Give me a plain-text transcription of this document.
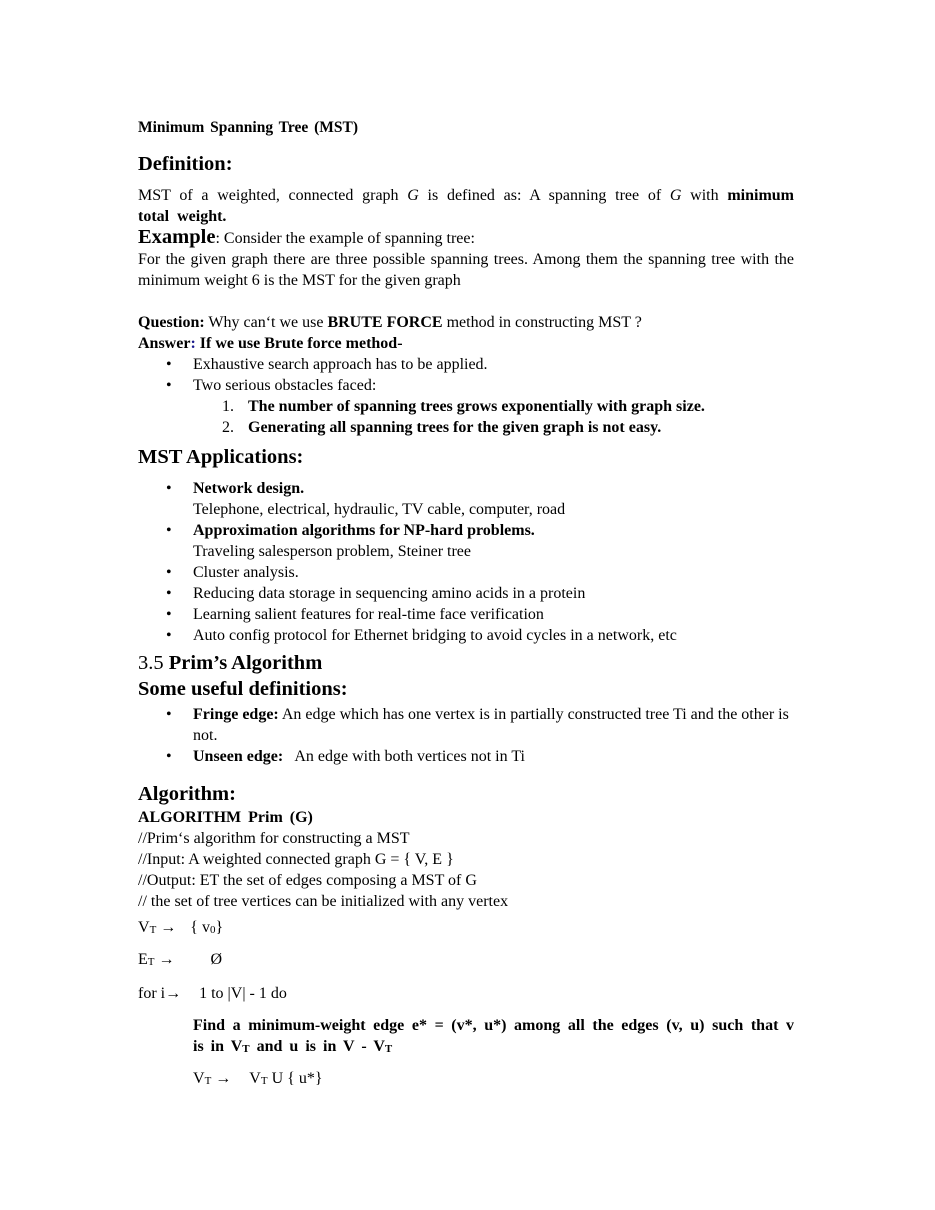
Minimum Spanning Tree (MST)
Definition:

MST of a weighted, connected graph G is defined as: A spanning tree of G with minimum total weight.

Example: Consider the example of spanning tree:

For the given graph there are three possible spanning trees. Among them the spanning tree with the minimum weight 6 is the MST for the given graph

Question: Why can‘t we use BRUTE FORCE method in constructing MST ?

Answer: If we use Brute force method-

• Exhaustive search approach has to be applied.
• Two serious obstacles faced:
1. The number of spanning trees grows exponentially with graph size.
2. Generating all spanning trees for the given graph is not easy.
MST Applications:
• Network design.
Telephone, electrical, hydraulic, TV cable, computer, road
• Approximation algorithms for NP-hard problems.
Traveling salesperson problem, Steiner tree
• Cluster analysis.
• Reducing data storage in sequencing amino acids in a protein
• Learning salient features for real-time face verification
• Auto config protocol for Ethernet bridging to avoid cycles in a network, etc
3.5 Prim’s Algorithm
Some useful definitions:
• Fringe edge: An edge which has one vertex is in partially constructed tree Ti and the other is not.
• Unseen edge:   An edge with both vertices not in Ti
Algorithm:

ALGORITHM Prim (G)

//Prim‘s algorithm for constructing a MST

//Input: A weighted connected graph G = { V, E }

//Output: ET the set of edges composing a MST of G

// the set of tree vertices can be initialized with any vertex

VT → { v0}

ET → Ø

for i→ 1 to |V| - 1 do

Find a minimum-weight edge e* = (v*, u*) among all the edges (v, u) such that v is in VT and u is in V - VT

VT → VT U { u*}
